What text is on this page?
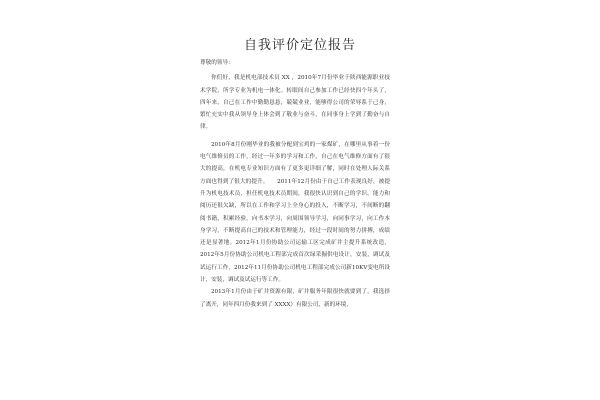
自我评价定位报告

尊敬的领导：

你们好，我是机电部技术员 XX ，2010年7月份毕业于陕西能源职业技术学院，所学专业为机电一体化。转眼间自己参加工作已经快四个年头了，四年来，自己在工作中勤勤恳恳，兢兢业业，能够得公司的荣辱系于己身，繁忙充实中我从领导身上体会到了敬业与奋斗，在同事身上学到了勤奋与自律。

2010年8月份刚毕业的我被分配到宝鸡的一家煤矿，在哪里从事着一份电气维修员的工作，经过一年多的学习和工作，自己在电气维修方面有了很大的提高，在机电专业知识方面有了更多更详细了解，同时在处理人际关系方面也得到了很大的提升。　　2011年12月份由于自己工作表现良好，被提升为机电技术员，担任机电技术员期间，我很快认识到自己的学识，能力和阅历还很欠缺，所以在工作和学习上全身心的投入，不断学习，不间断的翻阅书籍，积累经验，向书本学习，向周围领导学习，向同事学习，向工作本身学习，不断提高自己的技术和管理能力，经过一段时间的努力拼搏，成绩还是显著地。2012年1月份协助公司运输工区完成矿井主提升系统改造，2012年5月份协助公司机电工程部完成首次绿采掘供电设计，安装，调试及试运行工作，2012年11月份协助公司机电工程部完成公司新10KV变电所设计，安装，调试及试运行等工作。

2013年1月份由于矿井资源有限，矿井服务年限很快就要到了，我选择了离开，同年四月份我来到了 XXXX）有限公司，新的环境，
